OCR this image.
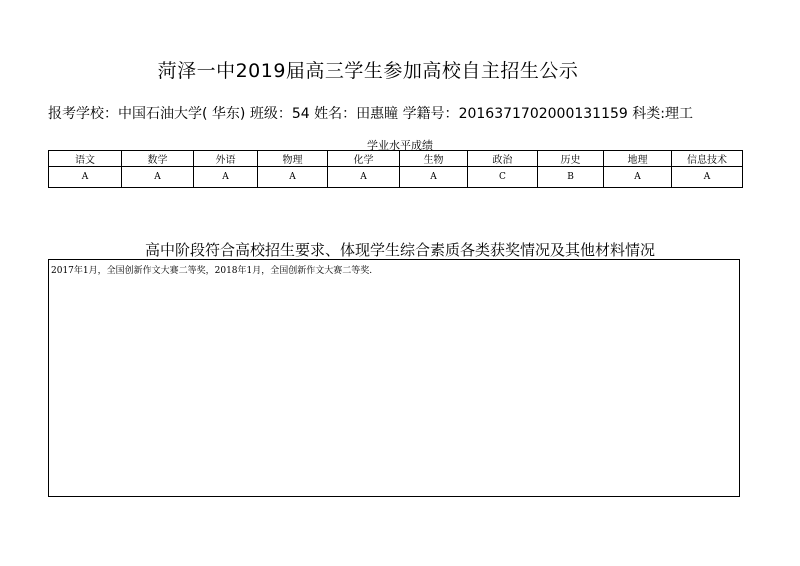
菏泽一中2019届高三学生参加高校自主招生公示
报考学校：中国石油大学( 华东) 班级：54 姓名：田惠瞳 学籍号：2016371702000131159 科类:理工
学业水平成绩
语文	数学	外语	物理	化学	生物	政治	历史	地理	信息技术
A	A	A	A	A	A	C	B	A	A
高中阶段符合高校招生要求、体现学生综合素质各类获奖情况及其他材料情况
2017年1月，全国创新作文大赛二等奖，2018年1月，全国创新作文大赛二等奖.
